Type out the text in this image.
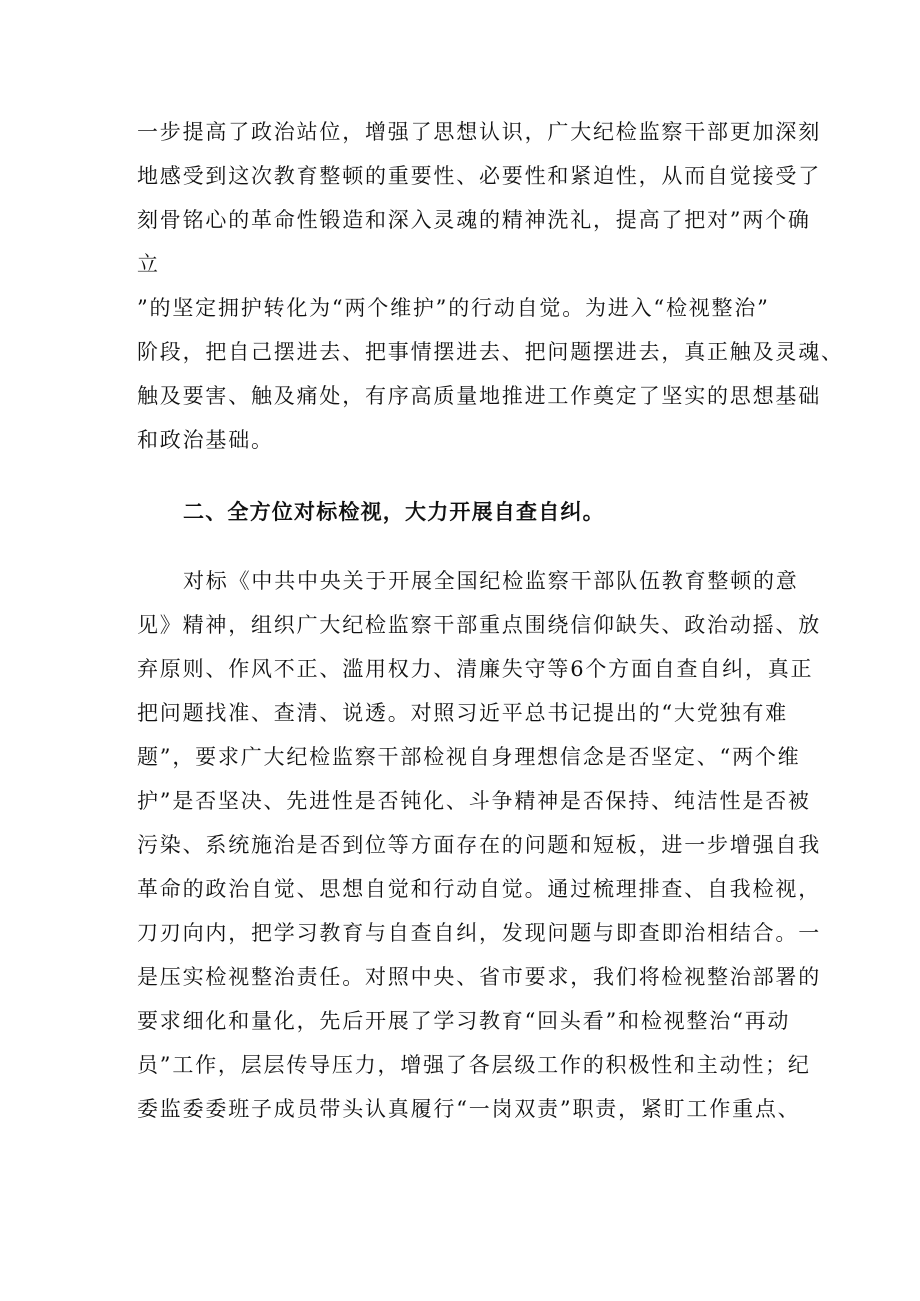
一步提高了政治站位，增强了思想认识，广大纪检监察干部更加深刻
地感受到这次教育整顿的重要性、必要性和紧迫性，从而自觉接受了
刻骨铭心的革命性锻造和深入灵魂的精神洗礼，提高了把对”两个确
立
”的坚定拥护转化为“两个维护”的行动自觉。为进入“检视整治”
阶段，把自己摆进去、把事情摆进去、把问题摆进去，真正触及灵魂、
触及要害、触及痛处，有序高质量地推进工作奠定了坚实的思想基础
和政治基础。
二、全方位对标检视，大力开展自查自纠。
对标《中共中央关于开展全国纪检监察干部队伍教育整顿的意
见》精神，组织广大纪检监察干部重点围绕信仰缺失、政治动摇、放
弃原则、作风不正、滥用权力、清廉失守等6个方面自查自纠，真正
把问题找准、查清、说透。对照习近平总书记提出的“大党独有难
题”，要求广大纪检监察干部检视自身理想信念是否坚定、“两个维
护”是否坚决、先进性是否钝化、斗争精神是否保持、纯洁性是否被
污染、系统施治是否到位等方面存在的问题和短板，进一步增强自我
革命的政治自觉、思想自觉和行动自觉。通过梳理排查、自我检视，
刀刃向内，把学习教育与自查自纠，发现问题与即查即治相结合。一
是压实检视整治责任。对照中央、省市要求，我们将检视整治部署的
要求细化和量化，先后开展了学习教育“回头看”和检视整治“再动
员”工作，层层传导压力，增强了各层级工作的积极性和主动性；纪
委监委委班子成员带头认真履行“一岗双责”职责，紧盯工作重点、
